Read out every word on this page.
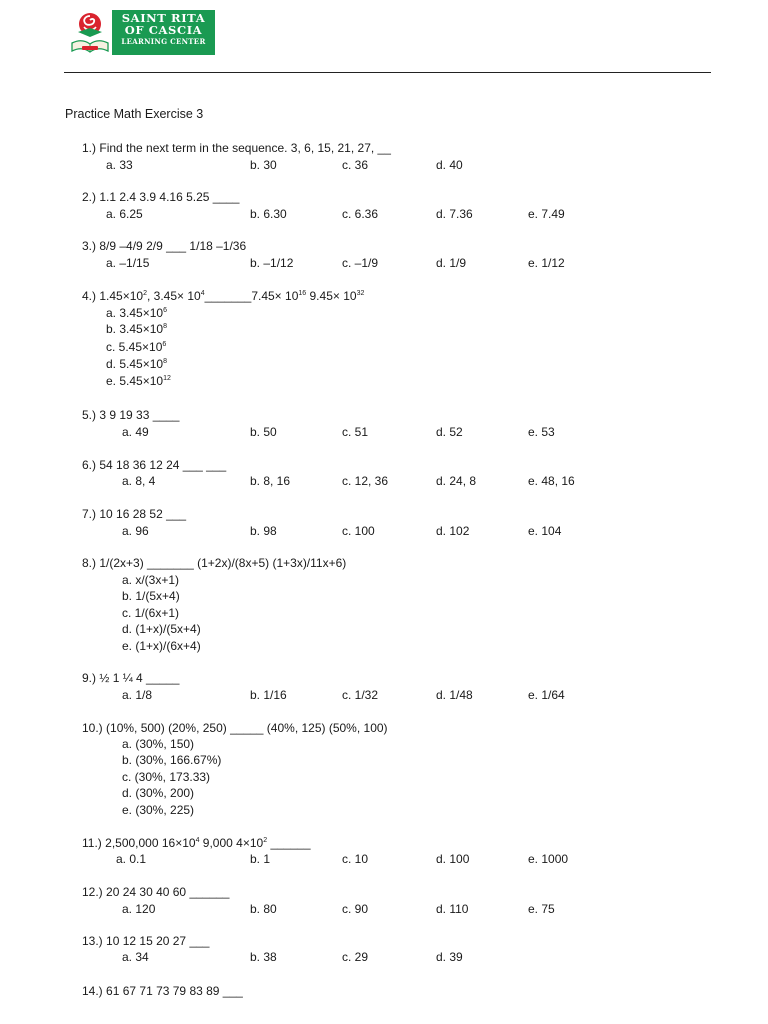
SAINT RITA
OF CASCIA
LEARNING CENTER
Practice Math Exercise 3
1.) Find the next term in the sequence. 3, 6, 15, 21, 27, __
a. 33	b. 30	c. 36	d. 40
2.) 1.1 2.4 3.9 4.16 5.25 ____
a. 6.25	b. 6.30	c. 6.36	d. 7.36	e. 7.49
3.) 8/9 –4/9 2/9 ___ 1/18 –1/36
a. –1/15	b. –1/12	c. –1/9	d. 1/9	e. 1/12
4.) $1.45\times 10^2$, $3.45\times 10^4\_\_\_\_\_\_\_7.45\times 10^{16}$ $9.45\times 10^{32}$
a. $3.45\times 10^6$
b. $3.45\times 10^8$
c. $5.45\times 10^6$
d. $5.45\times 10^8$
e. $5.45\times 10^{12}$
5.) 3 9 19 33 ____
a. 49	b. 50	c. 51	d. 52	e. 53
6.) 54 18 36 12 24 ___ ___
a. 8, 4	b. 8, 16	c. 12, 36	d. 24, 8	e. 48, 16
7.) 10 16 28 52 ___
a. 96	b. 98	c. 100	d. 102	e. 104
8.) 1/(2x+3) _______ (1+2x)/(8x+5) (1+3x)/11x+6)
a. x/(3x+1)
b. 1/(5x+4)
c. 1/(6x+1)
d. (1+x)/(5x+4)
e. (1+x)/(6x+4)
9.) ½ 1 ¼ 4 _____
a. 1/8	b. 1/16	c. 1/32	d. 1/48	e. 1/64
10.) (10%, 500) (20%, 250) _____ (40%, 125) (50%, 100)
a. (30%, 150)
b. (30%, 166.67%)
c. (30%, 173.33)
d. (30%, 200)
e. (30%, 225)
11.) 2,500,000 $16\times 10^4$ 9,000 $4\times 10^2$ ______
a. 0.1	b. 1	c. 10	d. 100	e. 1000
12.) 20 24 30 40 60 ______
a. 120	b. 80	c. 90	d. 110	e. 75
13.) 10 12 15 20 27 ___
a. 34	b. 38	c. 29	d. 39
14.) 61 67 71 73 79 83 89 ___
